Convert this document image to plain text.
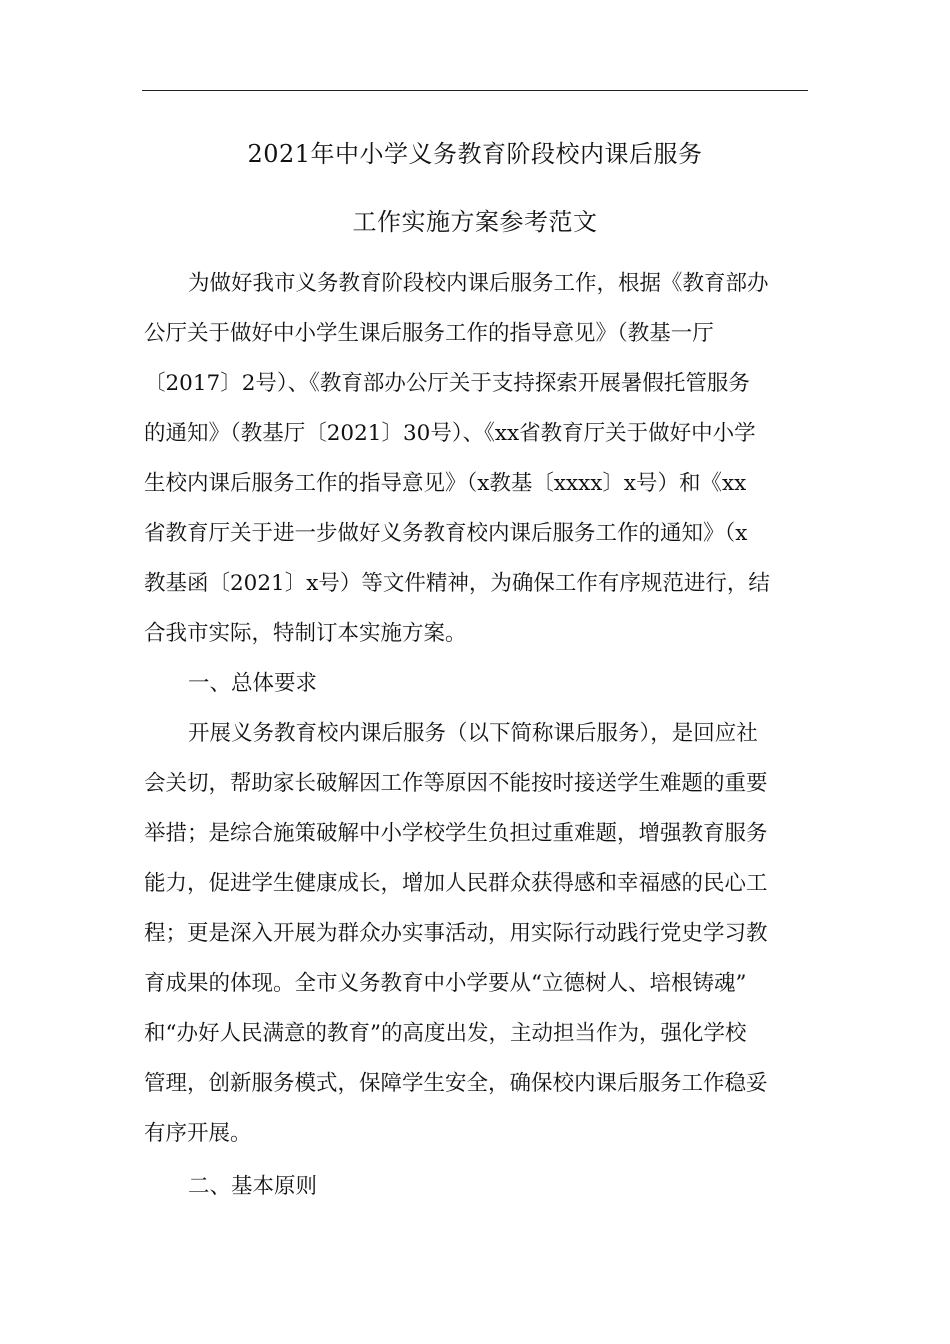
2021年中小学义务教育阶段校内课后服务
工作实施方案参考范文
为做好我市义务教育阶段校内课后服务工作，根据《教育部办
公厅关于做好中小学生课后服务工作的指导意见》（教基一厅
〔2017〕2号）、《教育部办公厅关于支持探索开展暑假托管服务
的通知》（教基厅〔2021〕30号）、《xx省教育厅关于做好中小学
生校内课后服务工作的指导意见》（x教基〔xxxx〕x号）和《xx
省教育厅关于进一步做好义务教育校内课后服务工作的通知》（x
教基函〔2021〕x号）等文件精神，为确保工作有序规范进行，结
合我市实际，特制订本实施方案。
一、总体要求
开展义务教育校内课后服务（以下简称课后服务），是回应社
会关切，帮助家长破解因工作等原因不能按时接送学生难题的重要
举措；是综合施策破解中小学校学生负担过重难题，增强教育服务
能力，促进学生健康成长，增加人民群众获得感和幸福感的民心工
程；更是深入开展为群众办实事活动，用实际行动践行党史学习教
育成果的体现。全市义务教育中小学要从“立德树人、培根铸魂”
和“办好人民满意的教育”的高度出发，主动担当作为，强化学校
管理，创新服务模式，保障学生安全，确保校内课后服务工作稳妥
有序开展。
二、基本原则
